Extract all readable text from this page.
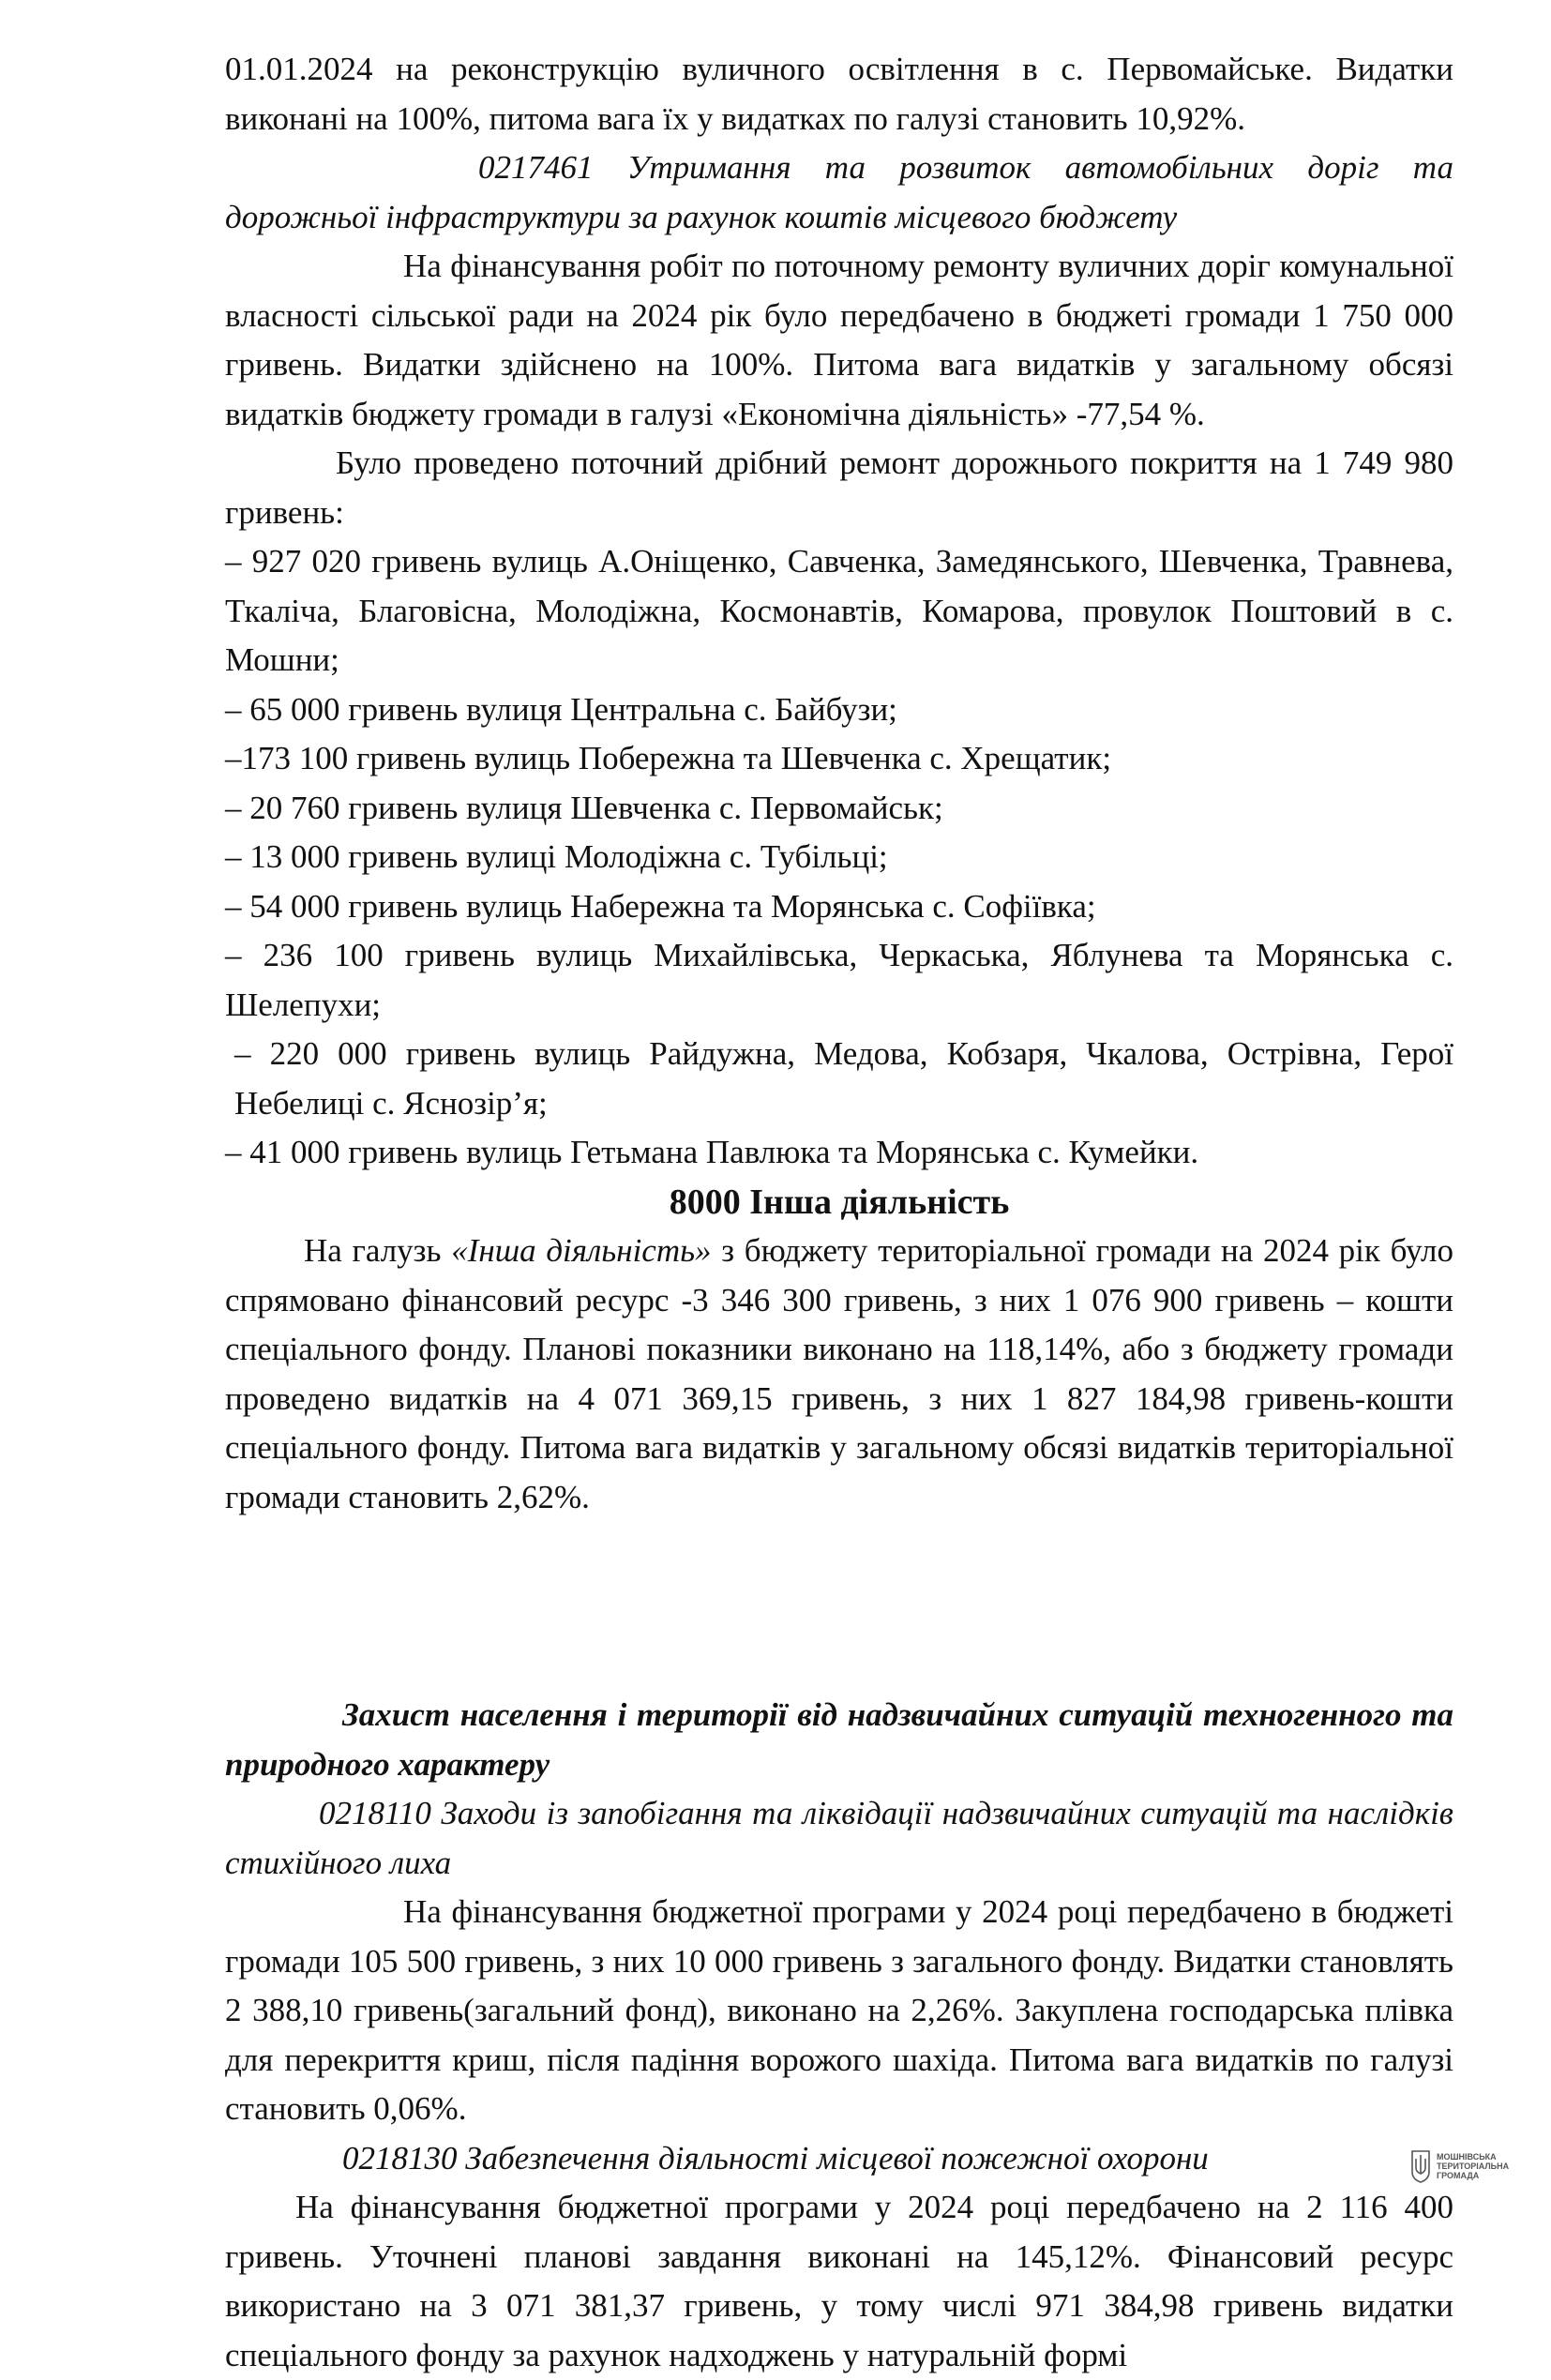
01.01.2024 на реконструкцію вуличного освітлення в с. Первомайське. Видатки виконані на 100%, питома вага їх у видатках по галузі становить 10,92%.

0217461 Утримання та розвиток автомобільних доріг та дорожньої інфраструктури за рахунок коштів місцевого бюджету

На фінансування робіт по поточному ремонту вуличних доріг комунальної власності сільської ради на 2024 рік було передбачено в бюджеті громади 1 750 000 гривень. Видатки здійснено на 100%. Питома вага видатків у загальному обсязі видатків бюджету громади в галузі «Економічна діяльність» -77,54 %.

Було проведено поточний дрібний ремонт дорожнього покриття на 1 749 980 гривень:

– 927 020 гривень вулиць А.Оніщенко, Савченка, Замедянського, Шевченка, Травнева, Ткаліча, Благовісна, Молодіжна, Космонавтів, Комарова, провулок Поштовий в с. Мошни;

– 65 000 гривень вулиця Центральна с. Байбузи;

–173 100 гривень вулиць Побережна та Шевченка с. Хрещатик;

– 20 760 гривень вулиця Шевченка с. Первомайськ;

– 13 000 гривень вулиці Молодіжна с. Тубільці;

– 54 000 гривень вулиць Набережна та Морянська с. Софіївка;

– 236 100 гривень вулиць Михайлівська, Черкаська, Яблунева та Морянська с. Шелепухи;

– 220 000 гривень вулиць Райдужна, Медова, Кобзаря, Чкалова, Острівна, Герої Небелиці с. Яснозір’я;

– 41 000 гривень вулиць Гетьмана Павлюка та Морянська с. Кумейки.

8000 Інша діяльність

На галузь «Інша діяльність» з бюджету територіальної громади на 2024 рік було спрямовано фінансовий ресурс -3 346 300 гривень, з них 1 076 900 гривень – кошти спеціального фонду. Планові показники виконано на 118,14%, або з бюджету громади проведено видатків на 4 071 369,15 гривень, з них 1 827 184,98 гривень-кошти спеціального фонду. Питома вага видатків у загальному обсязі видатків територіальної громади становить 2,62%.

Захист населення і території від надзвичайних ситуацій техногенного та природного характеру

0218110 Заходи із запобігання та ліквідації надзвичайних ситуацій та наслідків стихійного лиха

На фінансування бюджетної програми у 2024 році передбачено в бюджеті громади 105 500 гривень, з них 10 000 гривень з загального фонду. Видатки становлять 2 388,10 гривень(загальний фонд), виконано на 2,26%. Закуплена господарська плівка для перекриття криш, після падіння ворожого шахіда. Питома вага видатків по галузі становить 0,06%.

0218130 Забезпечення діяльності місцевої пожежної охорони

На фінансування бюджетної програми у 2024 році передбачено на 2 116 400 гривень. Уточнені планові завдання виконані на 145,12%. Фінансовий ресурс використано на 3 071 381,37 гривень, у тому числі 971 384,98 гривень видатки спеціального фонду за рахунок надходжень у натуральній формі

МОШНІВСЬКА
ТЕРИТОРІАЛЬНА
ГРОМАДА
